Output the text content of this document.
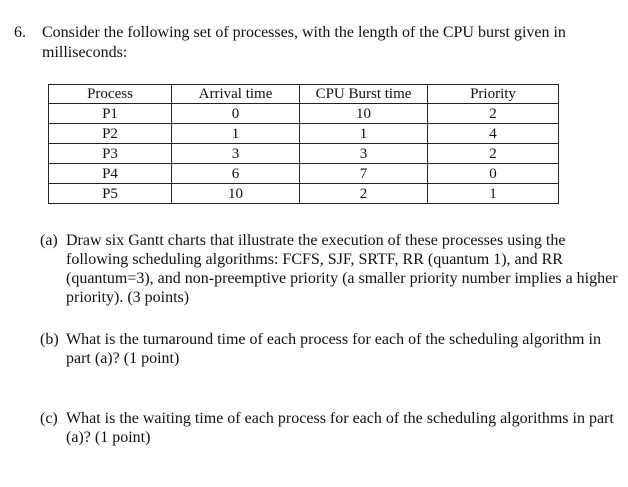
6. Consider the following set of processes, with the length of the CPU burst given in milliseconds:
Process	Arrival time	CPU Burst time	Priority
P1	0	10	2
P2	1	1	4
P3	3	3	2
P4	6	7	0
P5	10	2	1
(a) Draw six Gantt charts that illustrate the execution of these processes using the following scheduling algorithms: FCFS, SJF, SRTF, RR (quantum 1), and RR (quantum=3), and non-preemptive priority (a smaller priority number implies a higher priority). (3 points)
(b) What is the turnaround time of each process for each of the scheduling algorithm in part (a)? (1 point)
(c) What is the waiting time of each process for each of the scheduling algorithms in part (a)? (1 point)
